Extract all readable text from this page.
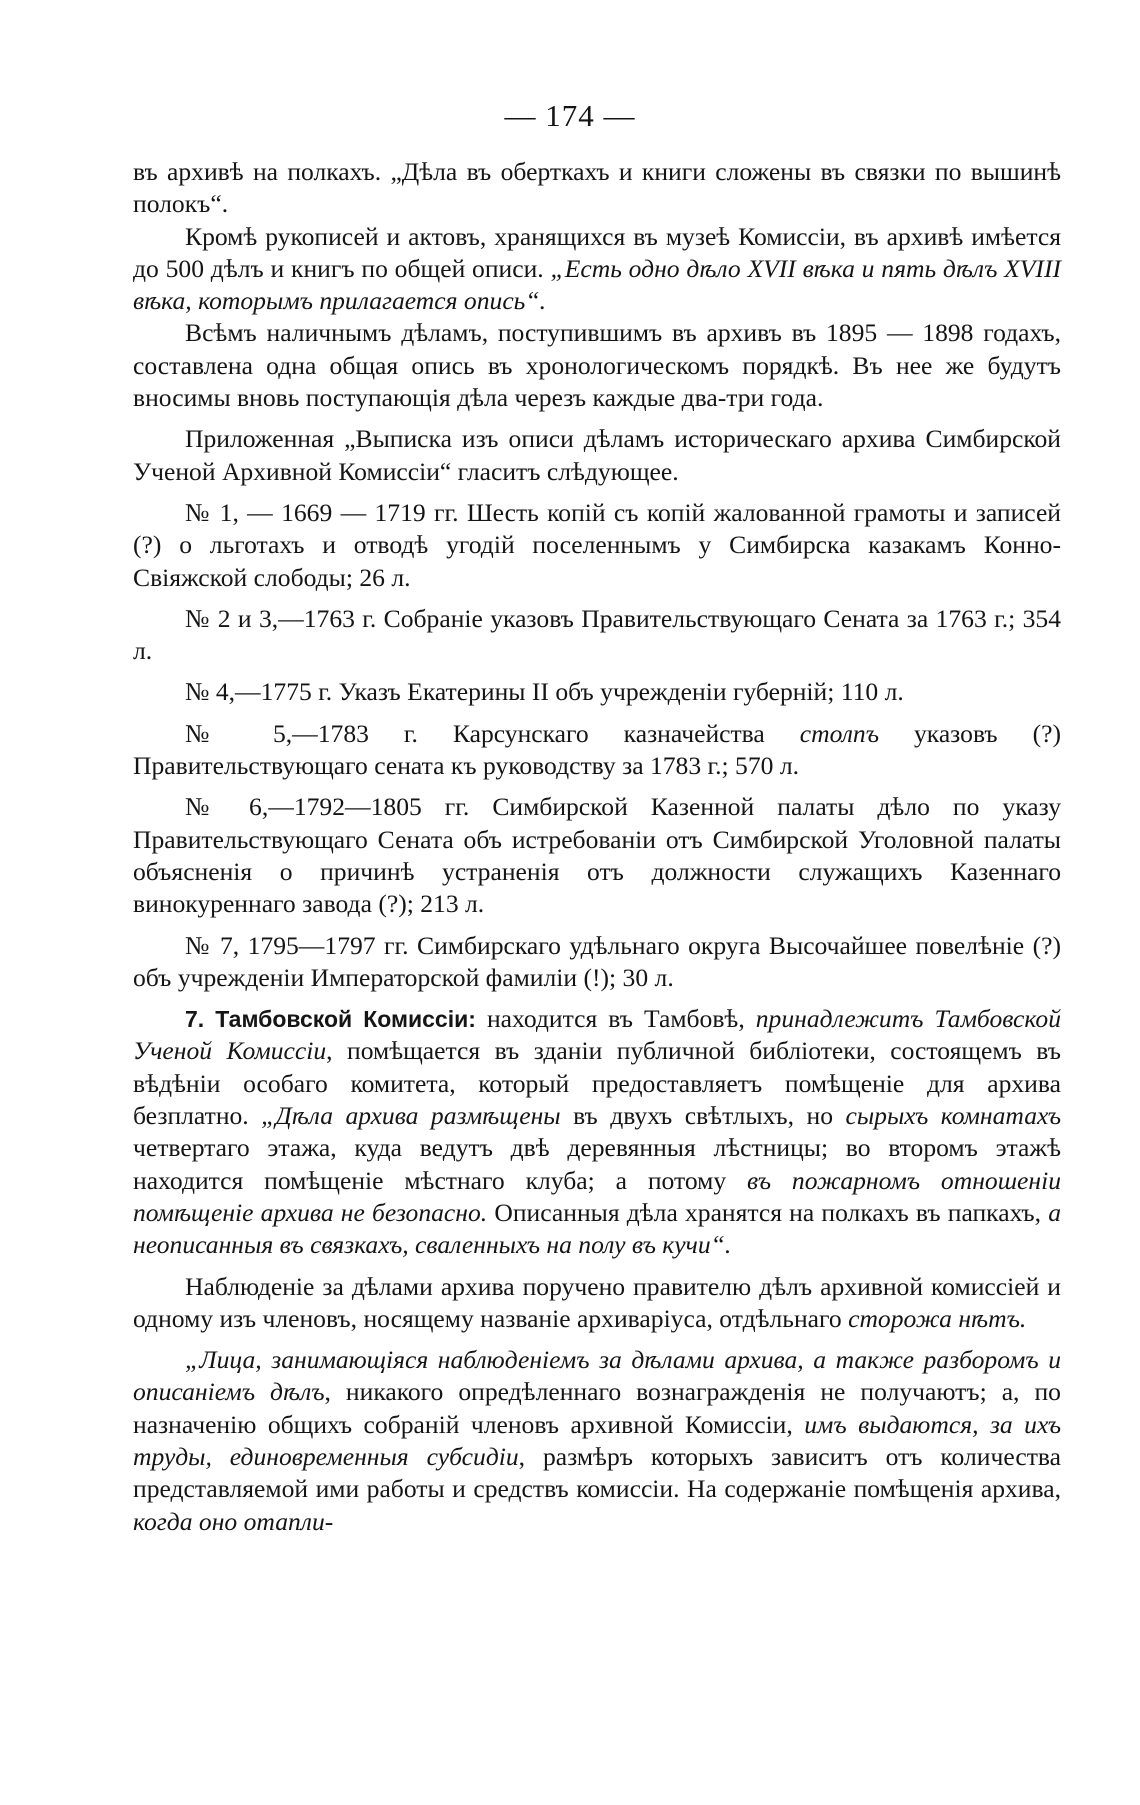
— 174 —

въ архивѣ на полкахъ. „Дѣла въ оберткахъ и книги сложены въ связки по вышинѣ полокъ“.

Кромѣ рукописей и актовъ, хранящихся въ музеѣ Комиссіи, въ архивѣ имѣется до 500 дѣлъ и книгъ по общей описи. „Есть одно дѣло XVII вѣка и пять дѣлъ XVIII вѣка, которымъ прилагается опись“.

Всѣмъ наличнымъ дѣламъ, поступившимъ въ архивъ въ 1895 — 1898 годахъ, составлена одна общая опись въ хронологическомъ порядкѣ. Въ нее же будутъ вносимы вновь поступающія дѣла черезъ каждые два-три года.

Приложенная „Выписка изъ описи дѣламъ историческаго архива Симбирской Ученой Архивной Комиссіи“ гласитъ слѣдующее.

№ 1, — 1669 — 1719 гг. Шесть копій съ копій жалованной грамоты и записей (?) о льготахъ и отводѣ угодій поселеннымъ у Симбирска казакамъ Конно-Свіяжской слободы; 26 л.

№ 2 и 3,—1763 г. Собраніе указовъ Правительствующаго Сената за 1763 г.; 354 л.

№ 4,—1775 г. Указъ Екатерины II объ учрежденіи губерній; 110 л.

№ 5,—1783 г. Карсунскаго казначейства столпъ указовъ (?) Правительствующаго сената къ руководству за 1783 г.; 570 л.

№ 6,—1792—1805 гг. Симбирской Казенной палаты дѣло по указу Правительствующаго Сената объ истребованіи отъ Симбирской Уголовной палаты объясненія о причинѣ устраненія отъ должности служащихъ Казеннаго винокуреннаго завода (?); 213 л.

№ 7, 1795—1797 гг. Симбирскаго удѣльнаго округа Высочайшее повелѣніе (?) объ учрежденіи Императорской фамиліи (!); 30 л.

7. Тамбовской Комиссіи: находится въ Тамбовѣ, принадлежитъ Тамбовской Ученой Комиссіи, помѣщается въ зданіи публичной библіотеки, состоящемъ въ вѣдѣніи особаго комитета, который предоставляетъ помѣщеніе для архива безплатно. „Дѣла архива размѣщены въ двухъ свѣтлыхъ, но сырыхъ комнатахъ четвертаго этажа, куда ведутъ двѣ деревянныя лѣстницы; во второмъ этажѣ находится помѣщеніе мѣстнаго клуба; а потому въ пожарномъ отношеніи помѣщеніе архива не безопасно. Описанныя дѣла хранятся на полкахъ въ папкахъ, а неописанныя въ связкахъ, сваленныхъ на полу въ кучи“.

Наблюденіе за дѣлами архива поручено правителю дѣлъ архивной комиссіей и одному изъ членовъ, носящему названіе архиваріуса, отдѣльнаго сторожа нѣтъ.

„Лица, занимающіяся наблюденіемъ за дѣлами архива, а также разборомъ и описаніемъ дѣлъ, никакого опредѣленнаго вознагражденія не получаютъ; а, по назначенію общихъ собраній членовъ архивной Комиссіи, имъ выдаются, за ихъ труды, единовременныя субсидіи, размѣръ которыхъ зависитъ отъ количества представляемой ими работы и средствъ комиссіи. На содержаніе помѣщенія архива, когда оно отапли-
